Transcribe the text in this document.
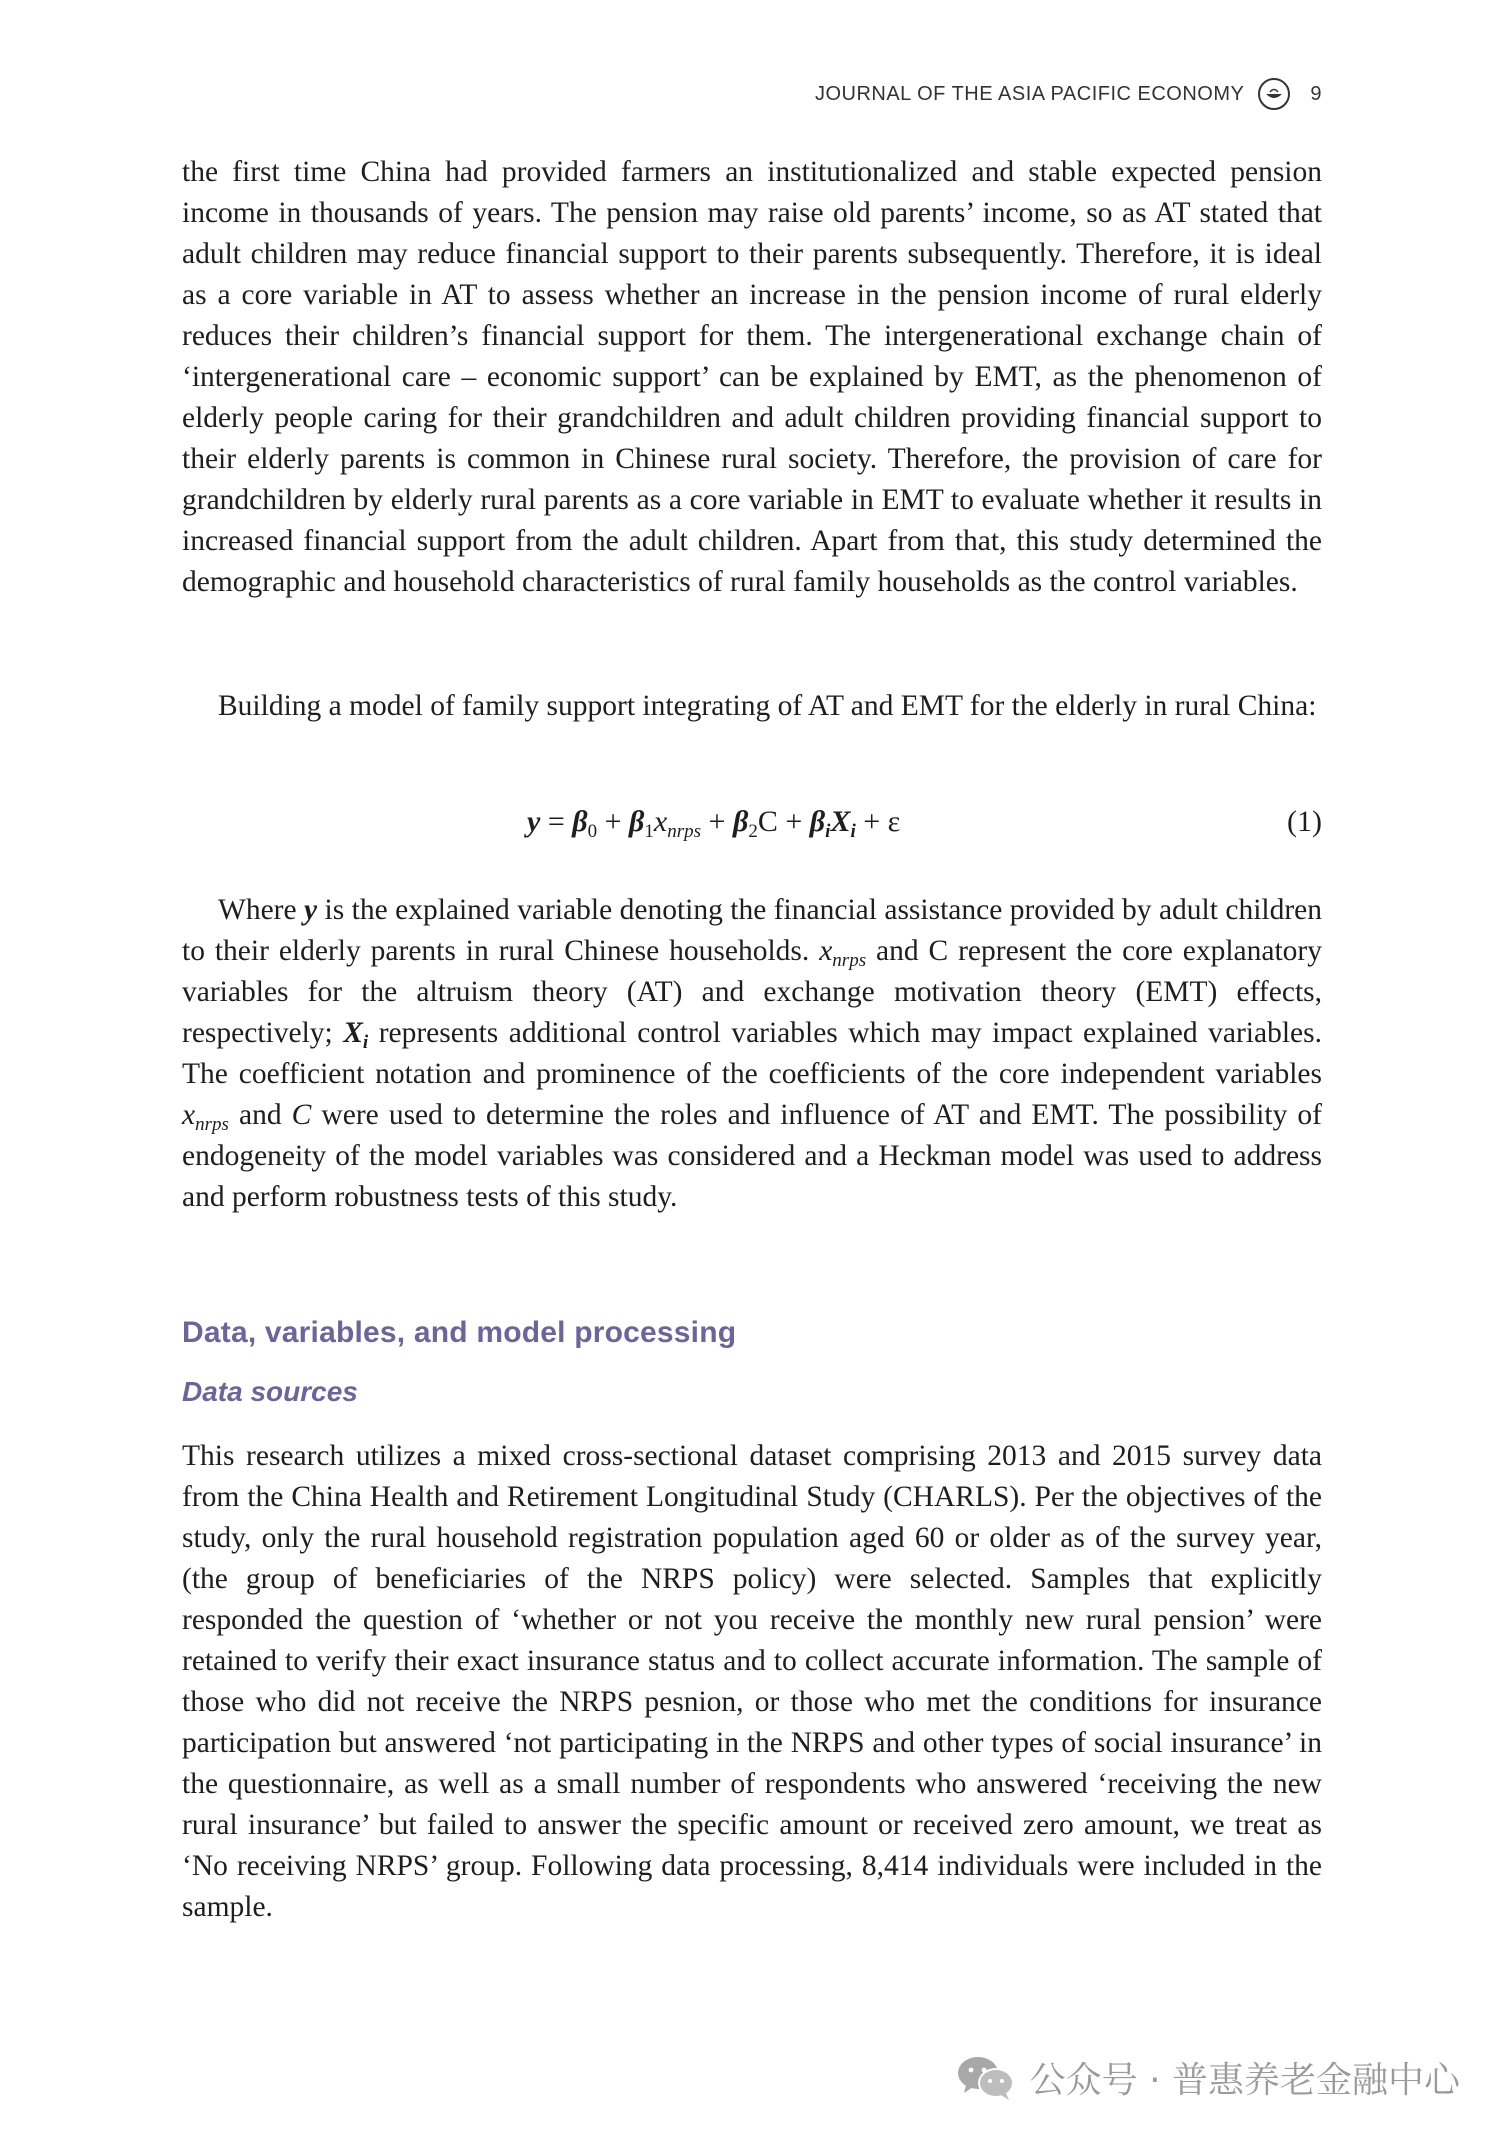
JOURNAL OF THE ASIA PACIFIC ECONOMY	9

the first time China had provided farmers an institutionalized and stable expected pension income in thousands of years. The pension may raise old parents’ income, so as AT stated that adult children may reduce financial support to their parents subsequently. Therefore, it is ideal as a core variable in AT to assess whether an increase in the pension income of rural elderly reduces their children’s financial support for them. The intergenerational exchange chain of ‘intergenerational care – economic support’ can be explained by EMT, as the phenomenon of elderly people caring for their grandchildren and adult children providing financial support to their elderly parents is common in Chinese rural society. Therefore, the provision of care for grandchildren by elderly rural parents as a core variable in EMT to evaluate whether it results in increased financial support from the adult children. Apart from that, this study determined the demographic and household characteristics of rural family households as the control variables.

Building a model of family support integrating of AT and EMT for the elderly in rural China:

$y = \beta_0 + \beta_1x_{nrps} + \beta_2C + \beta_iX_i + \varepsilon$	(1)

Where y is the explained variable denoting the financial assistance provided by adult children to their elderly parents in rural Chinese households. $x_{nrps}$ and C represent the core explanatory variables for the altruism theory (AT) and exchange motivation theory (EMT) effects, respectively; $X_i$ represents additional control variables which may impact explained variables. The coefficient notation and prominence of the coefficients of the core independent variables $x_{nrps}$ and C were used to determine the roles and influence of AT and EMT. The possibility of endogeneity of the model variables was considered and a Heckman model was used to address and perform robustness tests of this study.

Data, variables, and model processing
Data sources

This research utilizes a mixed cross-sectional dataset comprising 2013 and 2015 survey data from the China Health and Retirement Longitudinal Study (CHARLS). Per the objectives of the study, only the rural household registration population aged 60 or older as of the survey year, (the group of beneficiaries of the NRPS policy) were selected. Samples that explicitly responded the question of ‘whether or not you receive the monthly new rural pension’ were retained to verify their exact insurance status and to collect accurate information. The sample of those who did not receive the NRPS pesnion, or those who met the conditions for insurance participation but answered ‘not participating in the NRPS and other types of social insurance’ in the questionnaire, as well as a small number of respondents who answered ‘receiving the new rural insurance’ but failed to answer the specific amount or received zero amount, we treat as ‘No receiving NRPS’ group. Following data processing, 8,414 individuals were included in the sample.

公众号 · 普惠养老金融中心
